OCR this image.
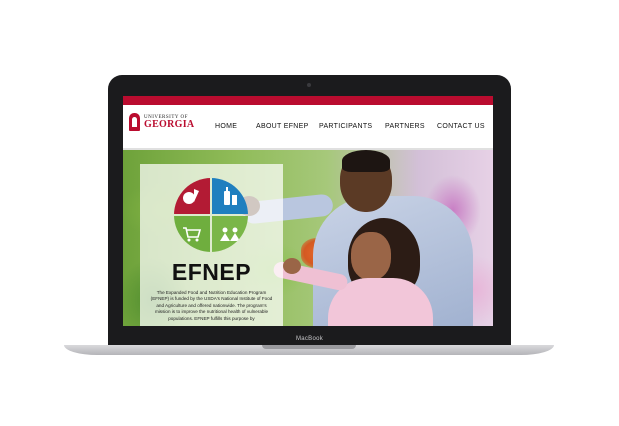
UNIVERSITY OF
GEORGIA	HOME	ABOUT EFNEP PARTICIPANTS PARTNERS CONTACT US
EFNEP
The Expanded Food and Nutrition Education Program (EFNEP) is funded by the USDA's National Institute of Food and Agriculture and offered nationwide. The program's mission is to improve the nutritional health of vulnerable populations. EFNEP fulfills this purpose by
MacBook
